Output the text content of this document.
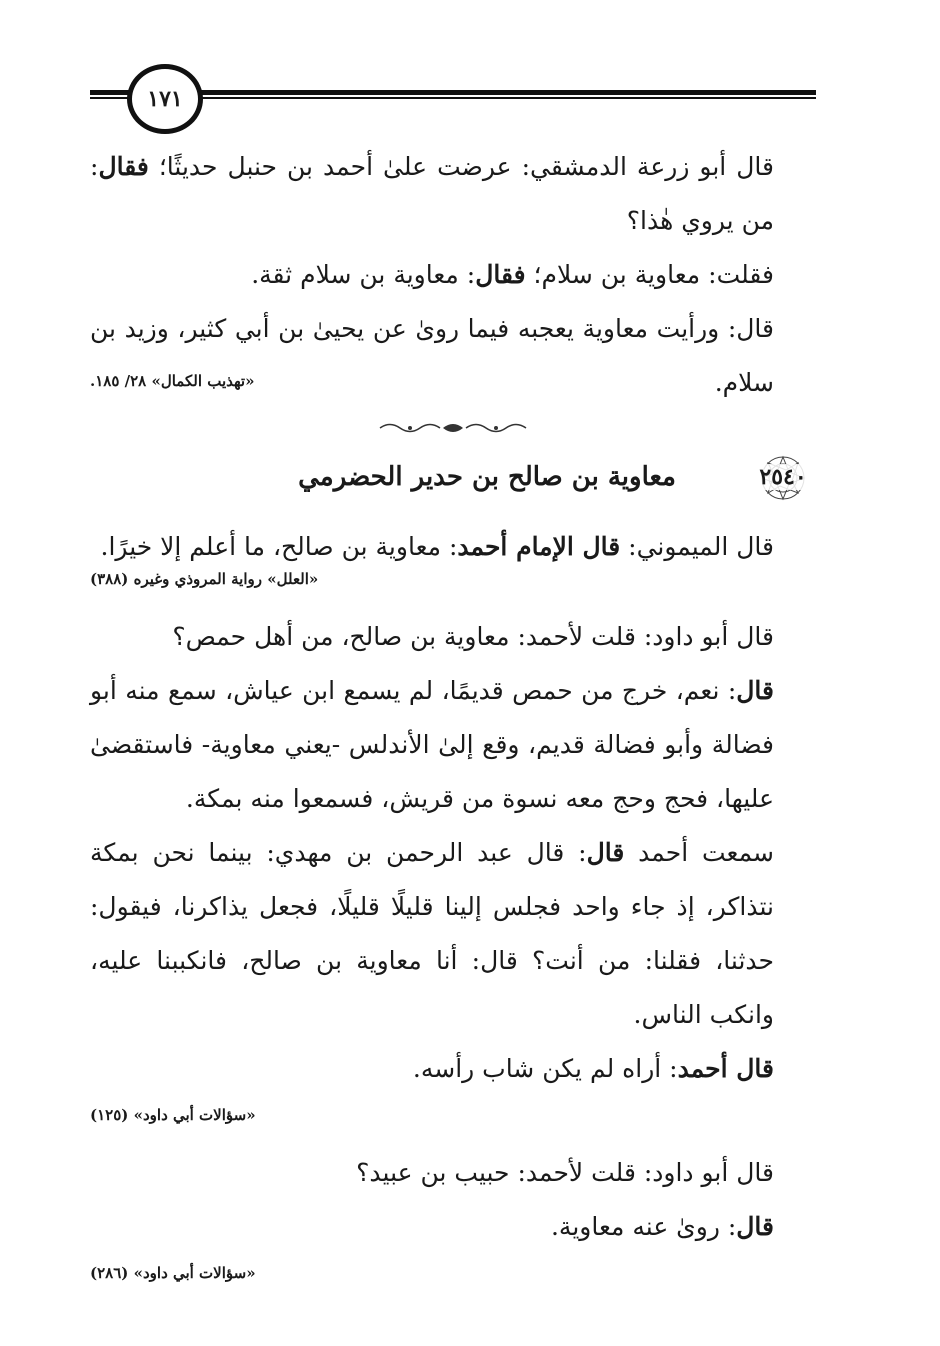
١٧١

قال أبو زرعة الدمشقي: عرضت علىٰ أحمد بن حنبل حديثًا؛ فقال: من يروي هٰذا؟

فقلت: معاوية بن سلام؛ فقال: معاوية بن سلام ثقة.

قال: ورأيت معاوية يعجبه فيما روىٰ عن يحيىٰ بن أبي كثير، وزيد بن سلام.

«تهذيب الكمال» ٢٨/ ١٨٥.
٢٥٤٠
معاوية بن صالح بن حدير الحضرمي

قال الميموني: قال الإمام أحمد: معاوية بن صالح، ما أعلم إلا خيرًا.

«العلل» رواية المروذي وغيره (٣٨٨)

قال أبو داود: قلت لأحمد: معاوية بن صالح، من أهل حمص؟

قال: نعم، خرج من حمص قديمًا، لم يسمع ابن عياش، سمع منه أبو فضالة وأبو فضالة قديم، وقع إلىٰ الأندلس -يعني معاوية- فاستقضىٰ عليها، فحج وحج معه نسوة من قريش، فسمعوا منه بمكة.

سمعت أحمد قال: قال عبد الرحمن بن مهدي: بينما نحن بمكة نتذاكر، إذ جاء واحد فجلس إلينا قليلًا قليلًا، فجعل يذاكرنا، فيقول: حدثنا، فقلنا: من أنت؟ قال: أنا معاوية بن صالح، فانكببنا عليه، وانكب الناس.

قال أحمد: أراه لم يكن شاب رأسه.

«سؤالات أبي داود» (١٢٥)

قال أبو داود: قلت لأحمد: حبيب بن عبيد؟

قال: روىٰ عنه معاوية.

«سؤالات أبي داود» (٢٨٦)
